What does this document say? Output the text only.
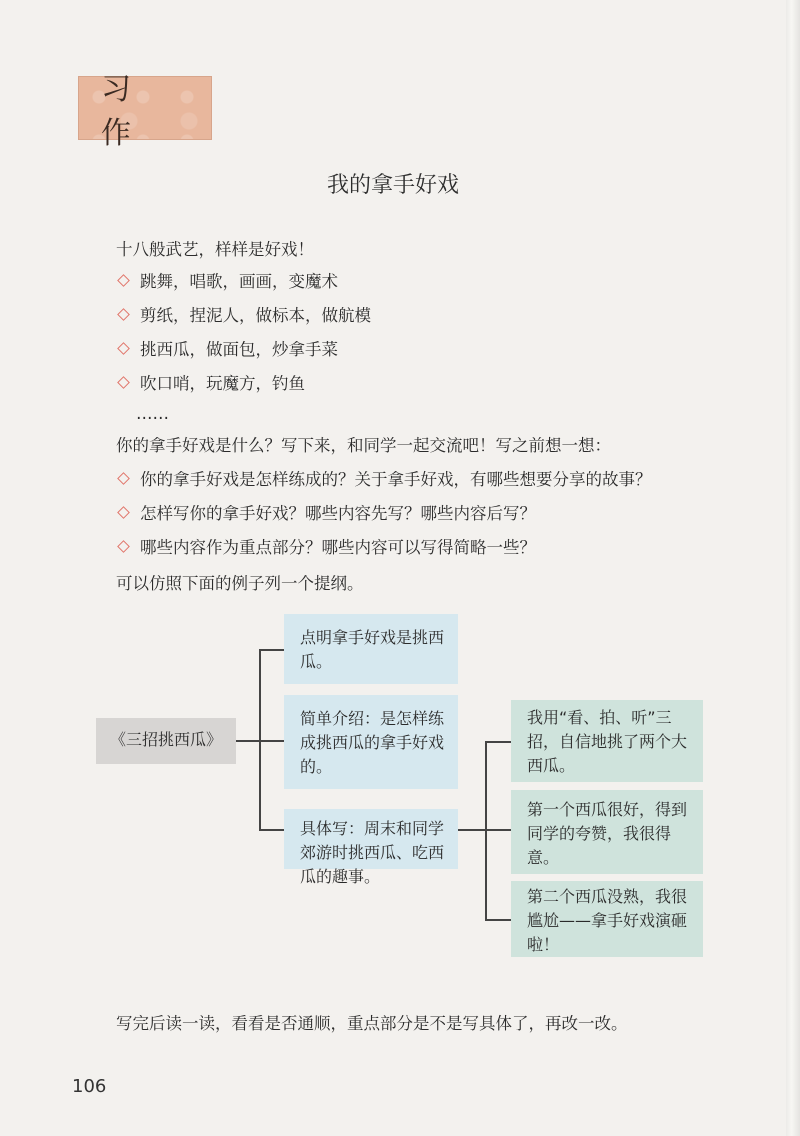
习 作
我的拿手好戏
十八般武艺，样样是好戏！
跳舞，唱歌，画画，变魔术
剪纸，捏泥人，做标本，做航模
挑西瓜，做面包，炒拿手菜
吹口哨，玩魔方，钓鱼
……
你的拿手好戏是什么？写下来，和同学一起交流吧！写之前想一想：
你的拿手好戏是怎样练成的？关于拿手好戏，有哪些想要分享的故事？
怎样写你的拿手好戏？哪些内容先写？哪些内容后写？
哪些内容作为重点部分？哪些内容可以写得简略一些？
可以仿照下面的例子列一个提纲。
《三招挑西瓜》
点明拿手好戏是挑西瓜。
简单介绍：是怎样练成挑西瓜的拿手好戏的。
具体写：周末和同学郊游时挑西瓜、吃西瓜的趣事。
我用“看、拍、听”三招，自信地挑了两个大西瓜。
第一个西瓜很好，得到同学的夸赞，我很得意。
第二个西瓜没熟，我很尴尬——拿手好戏演砸啦！
写完后读一读，看看是否通顺，重点部分是不是写具体了，再改一改。
106
